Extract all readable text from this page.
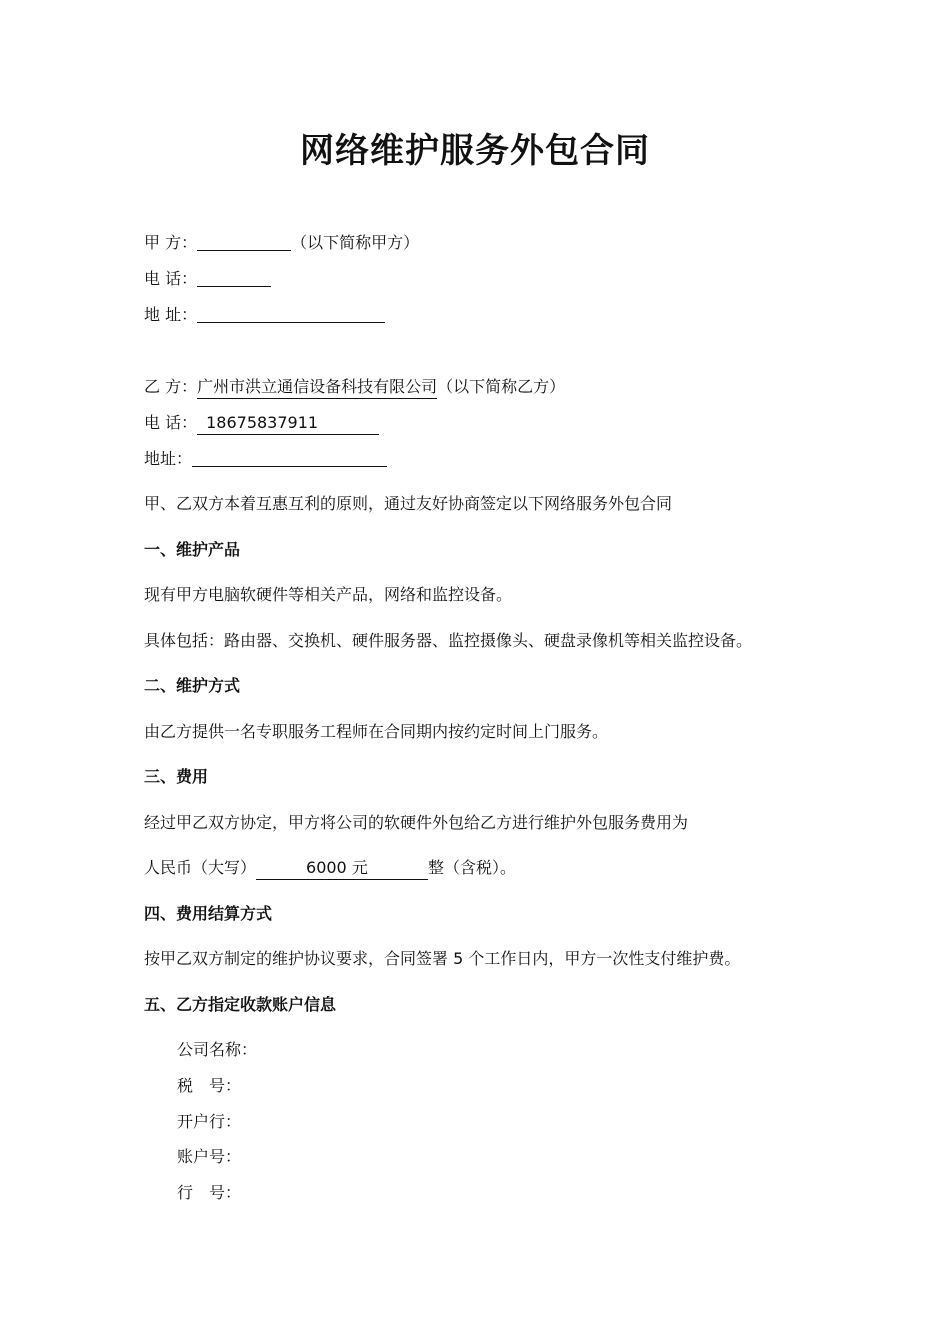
网络维护服务外包合同
甲 方：	（以下简称甲方）
电 话：
地 址：
乙 方：广州市洪立通信设备科技有限公司（以下简称乙方）
电 话： 18675837911
地址：
甲、乙双方本着互惠互利的原则，通过友好协商签定以下网络服务外包合同
一、维护产品
现有甲方电脑软硬件等相关产品，网络和监控设备。
具体包括：路由器、交换机、硬件服务器、监控摄像头、硬盘录像机等相关监控设备。
二、维护方式
由乙方提供一名专职服务工程师在合同期内按约定时间上门服务。
三、费用
经过甲乙双方协定，甲方将公司的软硬件外包给乙方进行维护外包服务费用为
人民币（大写）	6000 元	整（含税）。
四、费用结算方式
按甲乙双方制定的维护协议要求，合同签署 5 个工作日内，甲方一次性支付维护费。
五、乙方指定收款账户信息
公司名称：
税　号：
开户行：
账户号：
行　号：
